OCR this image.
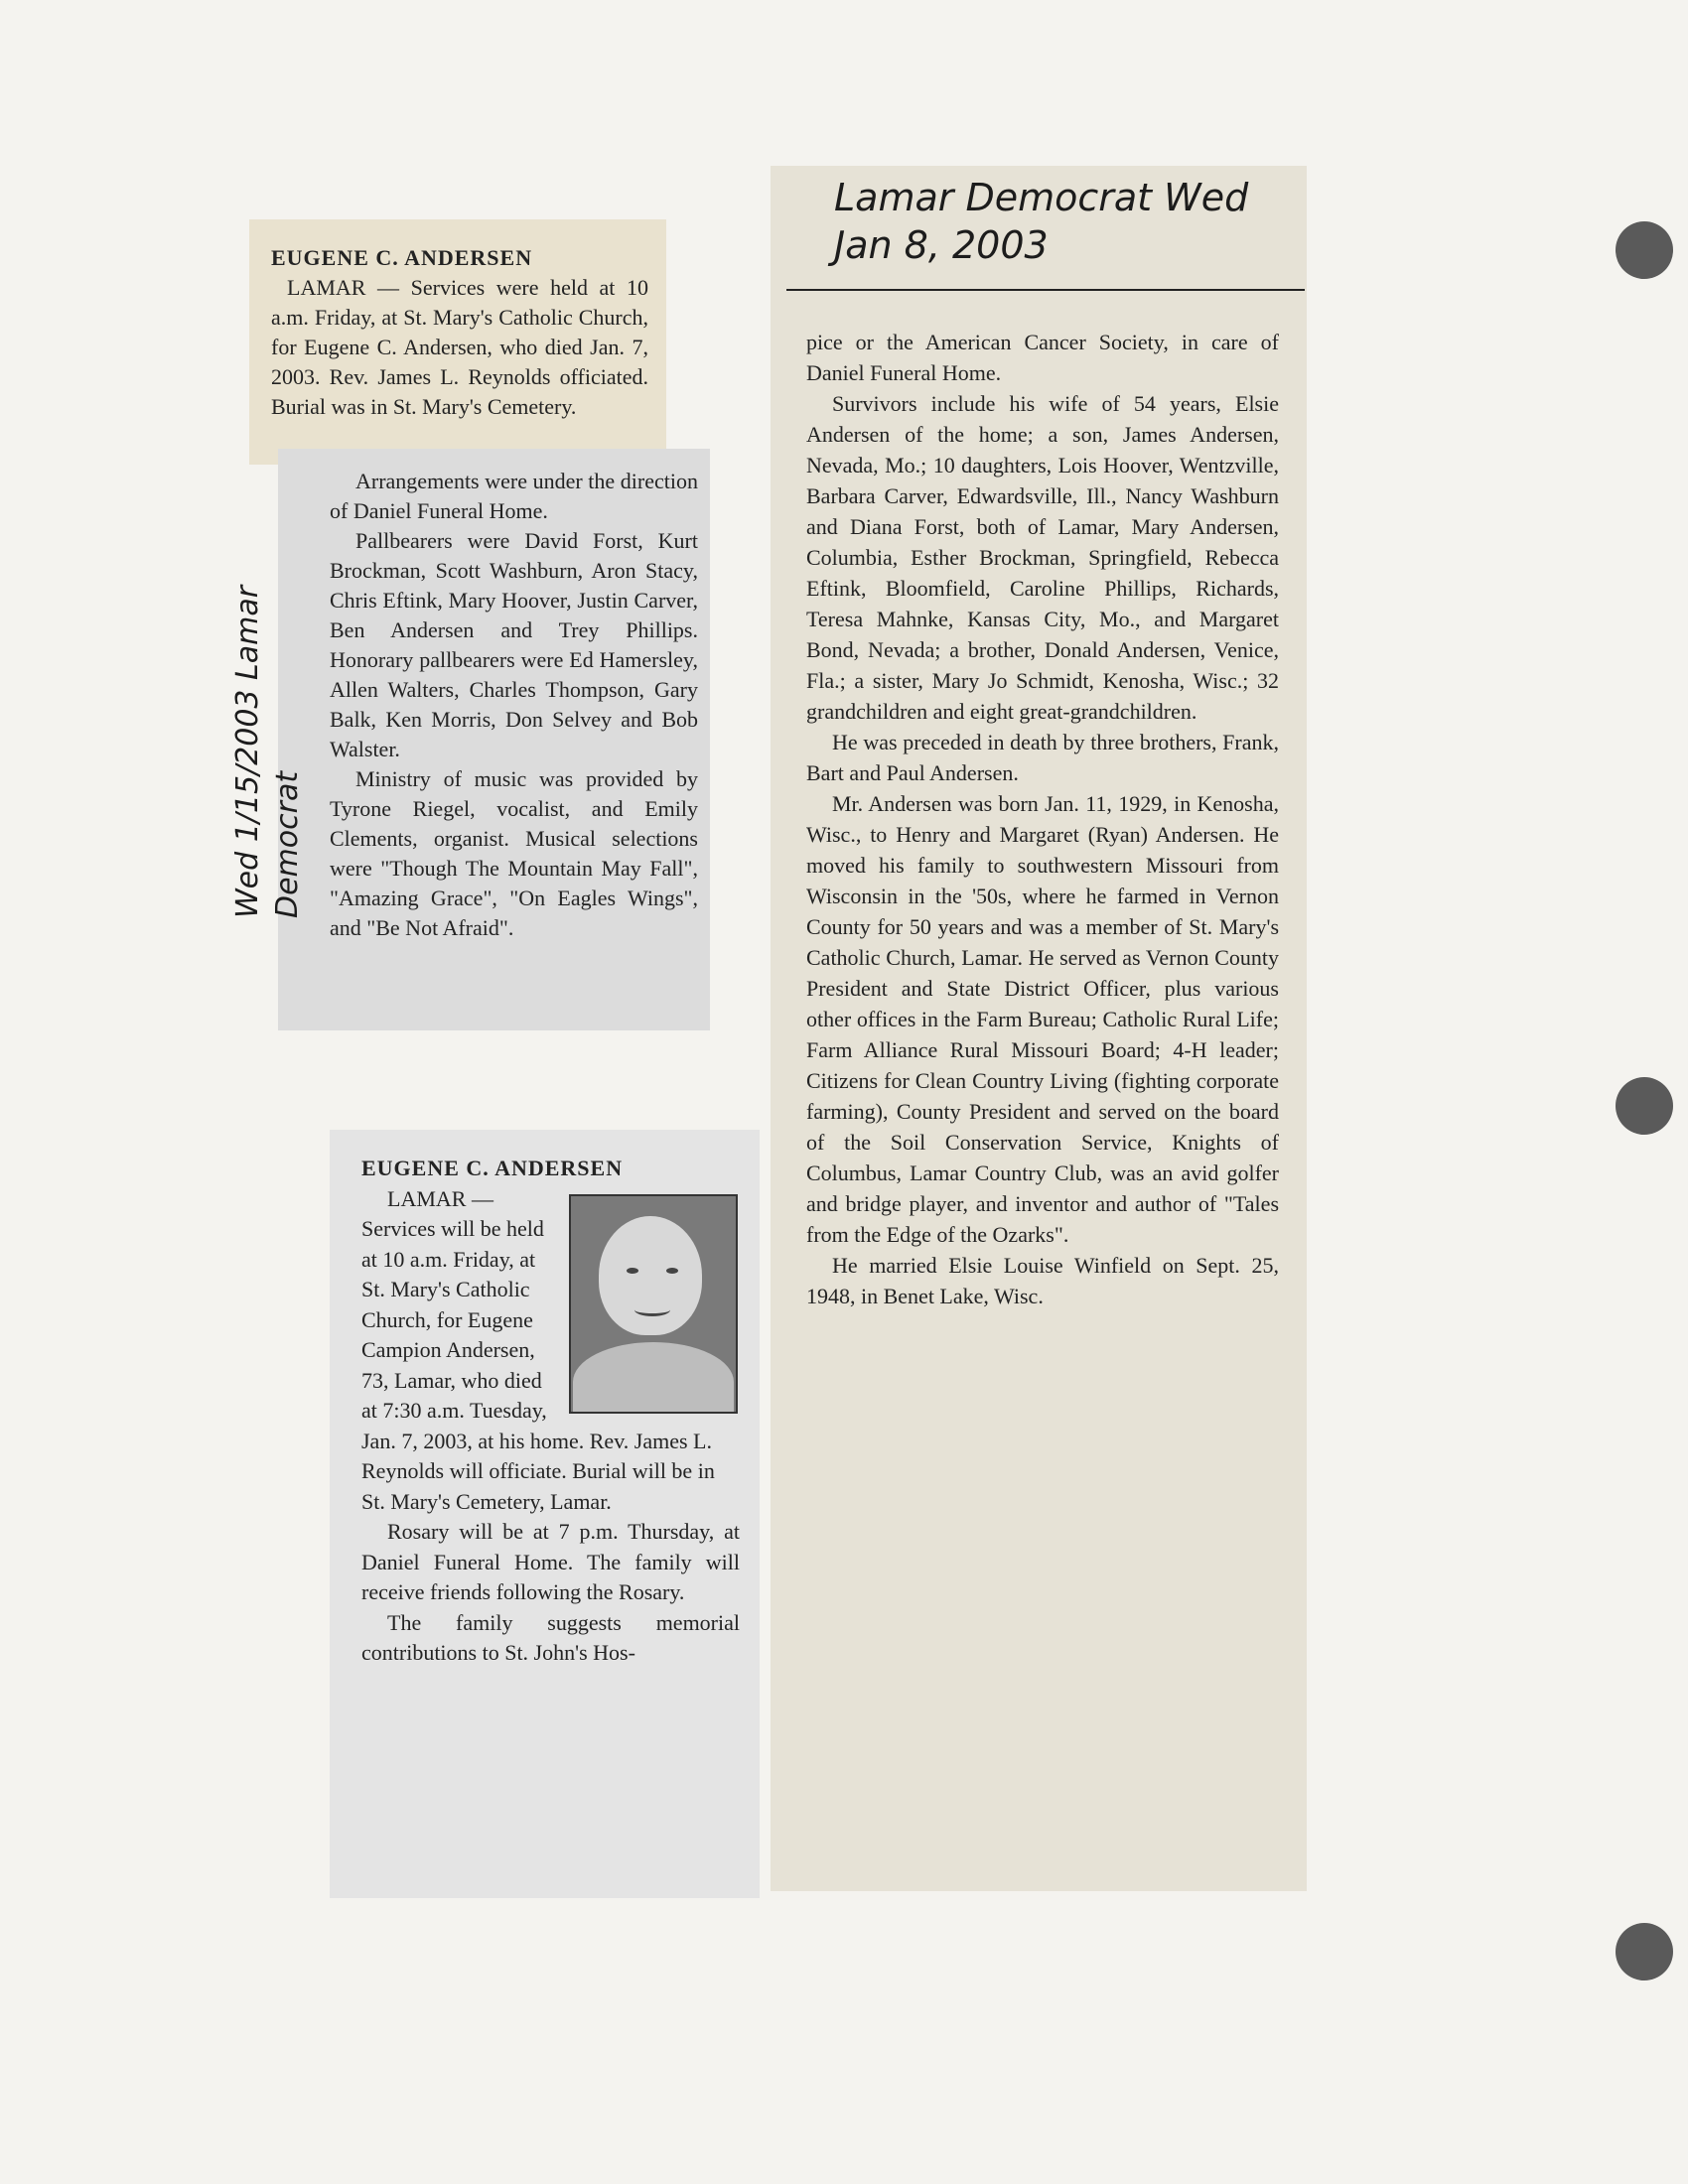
Lamar Democrat Wed Jan 8, 2003

pice or the American Cancer Society, in care of Daniel Funeral Home.

Survivors include his wife of 54 years, Elsie Andersen of the home; a son, James Andersen, Nevada, Mo.; 10 daughters, Lois Hoover, Wentzville, Barbara Carver, Edwardsville, Ill., Nancy Washburn and Diana Forst, both of Lamar, Mary Andersen, Columbia, Esther Brockman, Springfield, Rebecca Eftink, Bloomfield, Caroline Phillips, Richards, Teresa Mahnke, Kansas City, Mo., and Margaret Bond, Nevada; a brother, Donald Andersen, Venice, Fla.; a sister, Mary Jo Schmidt, Kenosha, Wisc.; 32 grandchildren and eight great-grandchildren.

He was preceded in death by three brothers, Frank, Bart and Paul Andersen.

Mr. Andersen was born Jan. 11, 1929, in Kenosha, Wisc., to Henry and Margaret (Ryan) Andersen. He moved his family to southwestern Missouri from Wisconsin in the '50s, where he farmed in Vernon County for 50 years and was a member of St. Mary's Catholic Church, Lamar. He served as Vernon County President and State District Officer, plus various other offices in the Farm Bureau; Catholic Rural Life; Farm Alliance Rural Missouri Board; 4-H leader; Citizens for Clean Country Living (fighting corporate farming), County President and served on the board of the Soil Conservation Service, Knights of Columbus, Lamar Country Club, was an avid golfer and bridge player, and inventor and author of "Tales from the Edge of the Ozarks".

He married Elsie Louise Winfield on Sept. 25, 1948, in Benet Lake, Wisc.

EUGENE C. ANDERSEN

LAMAR — Services were held at 10 a.m. Friday, at St. Mary's Catholic Church, for Eugene C. Andersen, who died Jan. 7, 2003. Rev. James L. Reynolds officiated. Burial was in St. Mary's Cemetery.

Arrangements were under the direction of Daniel Funeral Home.

Pallbearers were David Forst, Kurt Brockman, Scott Washburn, Aron Stacy, Chris Eftink, Mary Hoover, Justin Carver, Ben Andersen and Trey Phillips. Honorary pallbearers were Ed Hamersley, Allen Walters, Charles Thompson, Gary Balk, Ken Morris, Don Selvey and Bob Walster.

Ministry of music was provided by Tyrone Riegel, vocalist, and Emily Clements, organist. Musical selections were "Though The Mountain May Fall", "Amazing Grace", "On Eagles Wings", and "Be Not Afraid".

Wed 1/15/2003 Lamar Democrat
EUGENE C. ANDERSEN

LAMAR — Services will be held at 10 a.m. Friday, at St. Mary's Catholic Church, for Eugene Campion Andersen, 73, Lamar, who died at 7:30 a.m. Tuesday, Jan. 7, 2003, at his home. Rev. James L. Reynolds will officiate. Burial will be in St. Mary's Cemetery, Lamar.

Rosary will be at 7 p.m. Thursday, at Daniel Funeral Home. The family will receive friends following the Rosary.

The family suggests memorial contributions to St. John's Hos-
